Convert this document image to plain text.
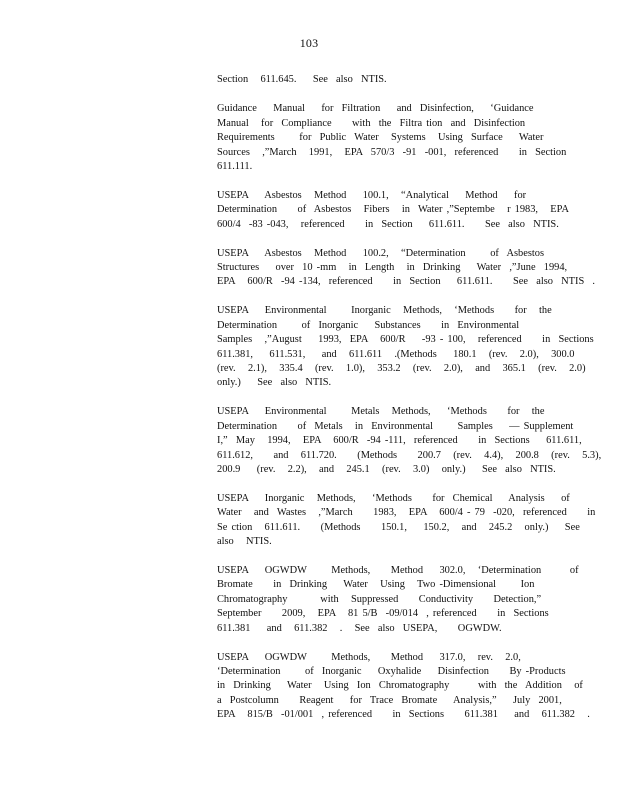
103
Section   611.645.    See  also  NTIS.
Guidance    Manual    for  Filtration    and  Disinfection,    ‘Guidance
Manual   for  Compliance     with  the  Filtra tion  and  Disinfection
Requirements      for  Public  Water   Systems   Using  Surface    Water
Sources   ,”March   1991,   EPA  570/3  -91  -001,  referenced     in  Section
611.111.
USEPA    Asbestos   Method    100.1,   “Analytical    Method    for
Determination     of  Asbestos   Fibers   in  Water ,”Septembe   r 1983,   EPA
600/4  -83 -043,   referenced     in  Section    611.611.     See  also  NTIS.
USEPA    Asbestos   Method    100.2,   “Determination      of  Asbestos
Structures    over  10 -mm   in  Length   in  Drinking    Water  ,”June  1994,
EPA   600/R  -94 -134,  referenced     in  Section    611.611.     See  also  NTIS  .
USEPA    Environmental      Inorganic   Methods,   ‘Methods     for   the
Determination      of  Inorganic    Substances     in  Environmental
Samples   ,”August    1993,  EPA   600/R    -93 - 100,   referenced     in  Sections
611.381,    611.531,    and   611.611   .(Methods    180.1   (rev.   2.0),   300.0
(rev.   2.1),   335.4   (rev.   1.0),   353.2   (rev.   2.0),   and   365.1   (rev.   2.0)
only.)    See  also  NTIS.
USEPA    Environmental      Metals   Methods,    ‘Methods     for   the
Determination     of  Metals   in  Environmental      Samples    — Supplement
I,”  May   1994,   EPA   600/R  -94 -111,  referenced     in  Sections    611.611,
611.612,     and   611.720.     (Methods     200.7   (rev.   4.4),   200.8   (rev.   5.3),
200.9    (rev.   2.2),   and   245.1   (rev.   3.0)   only.)    See  also  NTIS.
USEPA    Inorganic   Methods,    ‘Methods     for  Chemical    Analysis    of
Water   and  Wastes   ,”March     1983,   EPA   600/4 - 79  -020,  referenced     in
Se ction   611.611.     (Methods     150.1,    150.2,   and   245.2   only.)    See
also   NTIS.
USEPA    OGWDW      Methods,     Method    302.0,   ‘Determination       of
Bromate     in  Drinking    Water   Using   Two -Dimensional      Ion
Chromatography        with   Suppressed     Conductivity     Detection,”
September     2009,   EPA   81 5/B  -09/014  , referenced     in  Sections
611.381    and   611.382   .   See  also  USEPA,     OGWDW.
USEPA    OGWDW      Methods,     Method    317.0,   rev.   2.0,
‘Determination      of  Inorganic    Oxyhalide    Disinfection     By -Products
in  Drinking    Water   Using  Ion  Chromatography       with  the  Addition   of
a  Postcolumn     Reagent    for  Trace  Bromate    Analysis,”    July  2001,
EPA   815/B  -01/001  , referenced     in  Sections     611.381    and   611.382   .
